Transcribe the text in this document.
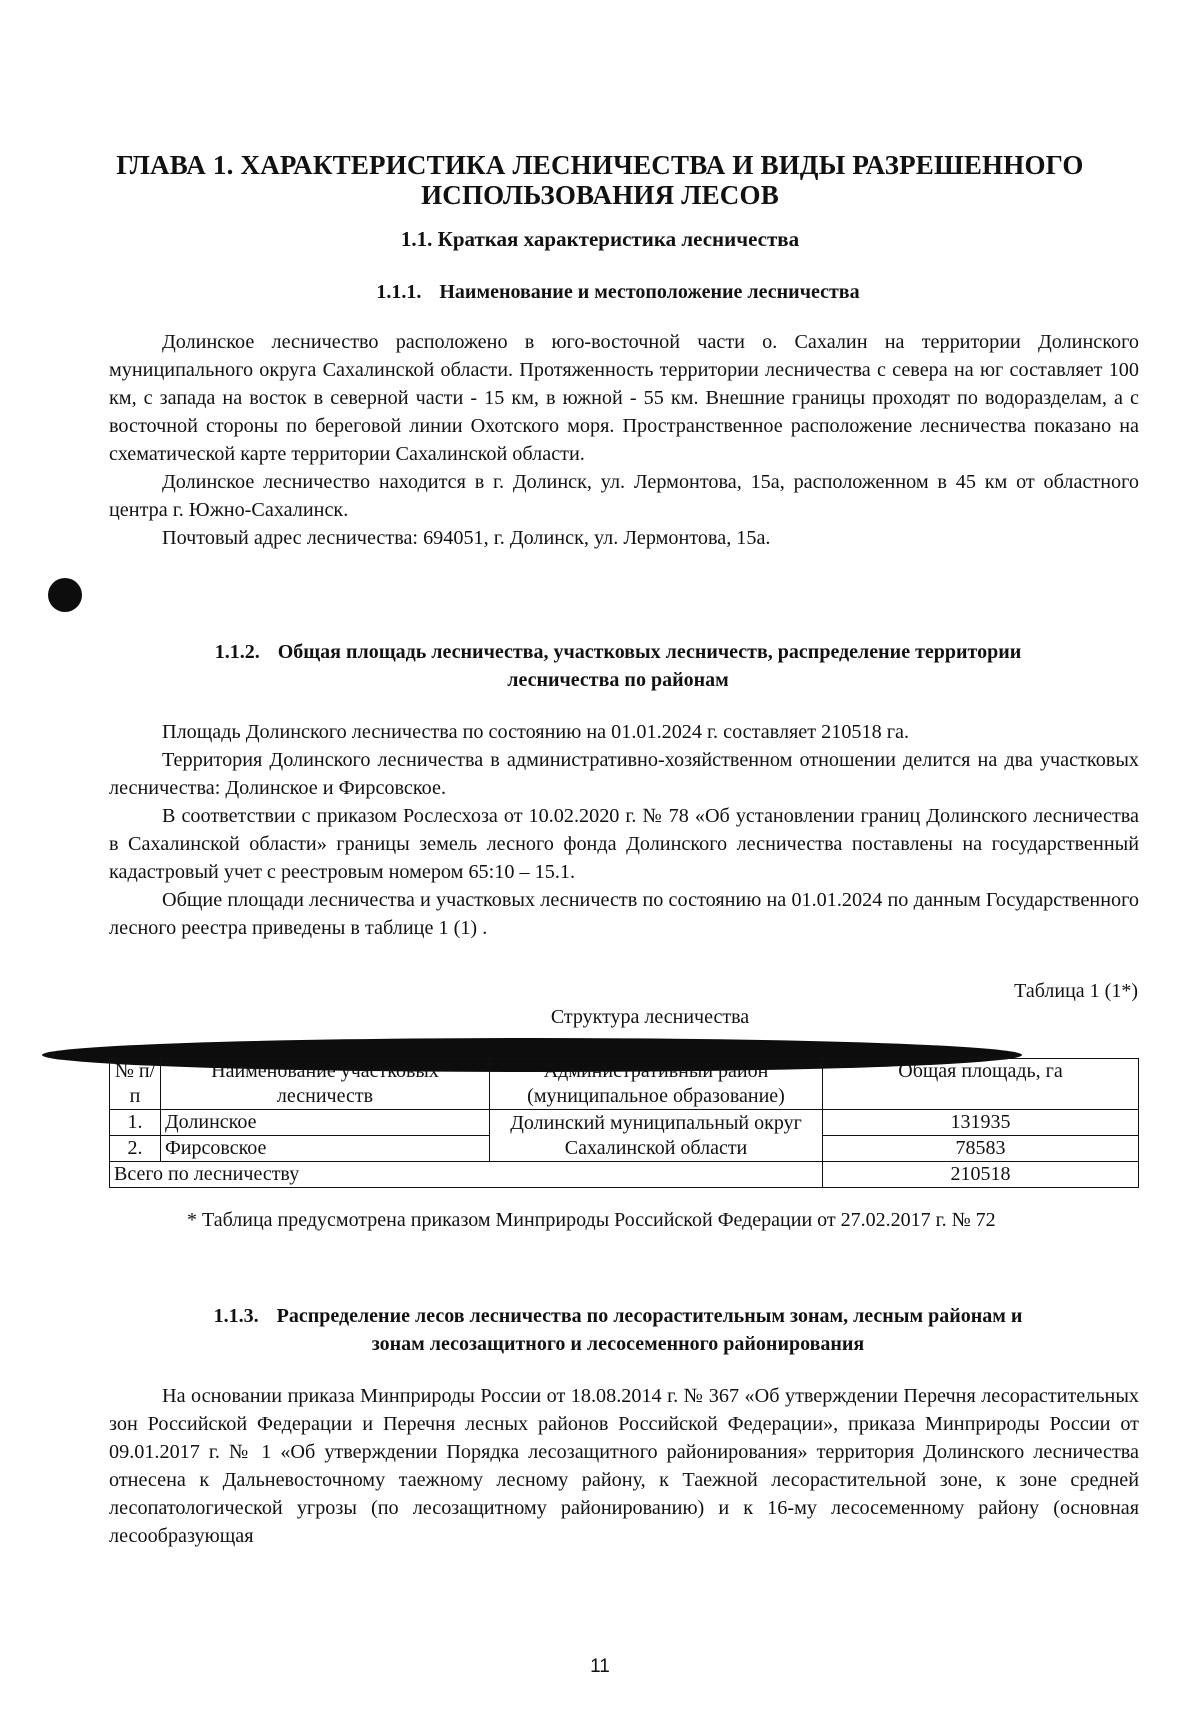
ГЛАВА 1. ХАРАКТЕРИСТИКА ЛЕСНИЧЕСТВА И ВИДЫ РАЗРЕШЕННОГО
ИСПОЛЬЗОВАНИЯ ЛЕСОВ
1.1. Краткая характеристика лесничества
1.1.1. Наименование и местоположение лесничества

Долинское лесничество расположено в юго-восточной части о. Сахалин на территории Долинского муниципального округа Сахалинской области. Протяженность территории лесничества с севера на юг составляет 100 км, с запада на восток в северной части - 15 км, в южной - 55 км. Внешние границы проходят по водоразделам, а с восточной стороны по береговой линии Охотского моря. Пространственное расположение лесничества показано на схематической карте территории Сахалинской области.

Долинское лесничество находится в г. Долинск, ул. Лермонтова, 15а, расположенном в 45 км от областного центра г. Южно-Сахалинск.

Почтовый адрес лесничества: 694051, г. Долинск, ул. Лермонтова, 15а.

1.1.2. Общая площадь лесничества, участковых лесничеств, распределение территории
лесничества по районам

Площадь Долинского лесничества по состоянию на 01.01.2024 г. составляет 210518 га.

Территория Долинского лесничества в административно-хозяйственном отношении делится на два участковых лесничества: Долинское и Фирсовское.

В соответствии с приказом Рослесхоза от 10.02.2020 г. № 78 «Об установлении границ Долинского лесничества в Сахалинской области» границы земель лесного фонда Долинского лесничества поставлены на государственный кадастровый учет с реестровым номером 65:10 – 15.1.

Общие площади лесничества и участковых лесничеств по состоянию на 01.01.2024 по данным Государственного лесного реестра приведены в таблице 1 (1) .

Таблица 1 (1*)
Структура лесничества
№ п/п	Наименование участковых лесничеств	Административный район (муниципальное образование)	Общая площадь, га
1.	Долинское	Долинский муниципальный округ Сахалинской области	131935
2.	Фирсовское		78583
Всего по лесничеству			210518

* Таблица предусмотрена приказом Минприроды Российской Федерации от 27.02.2017 г. № 72

1.1.3. Распределение лесов лесничества по лесорастительным зонам, лесным районам и
зонам лесозащитного и лесосеменного районирования

На основании приказа Минприроды России от 18.08.2014 г. № 367 «Об утверждении Перечня лесорастительных зон Российской Федерации и Перечня лесных районов Российской Федерации», приказа Минприроды России от 09.01.2017 г. № 1 «Об утверждении Порядка лесозащитного районирования» территория Долинского лесничества отнесена к Дальневосточному таежному лесному району, к Таежной лесорастительной зоне, к зоне средней лесопатологической угрозы (по лесозащитному районированию) и к 16-му лесосеменному району (основная лесообразующая

11
